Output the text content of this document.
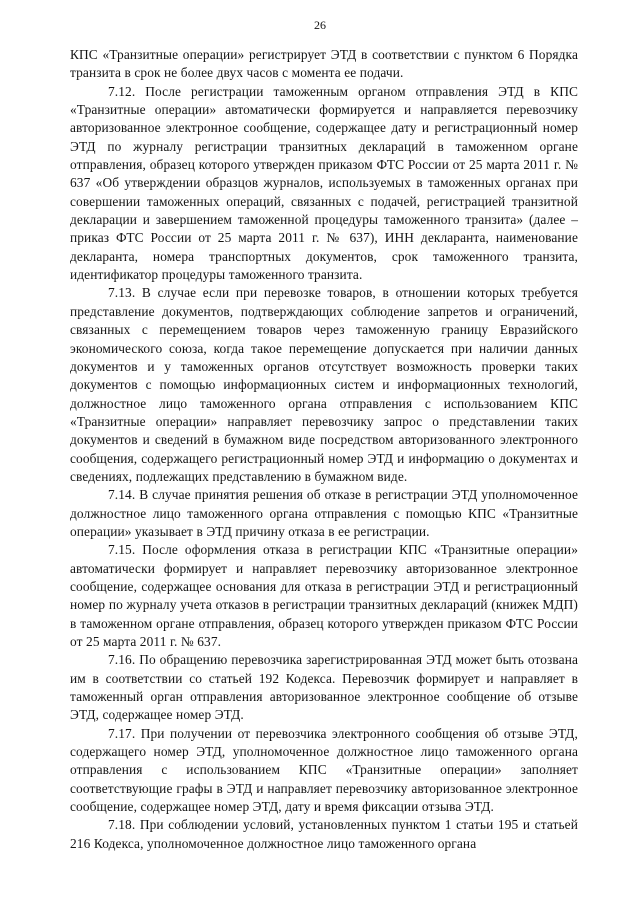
26

КПС «Транзитные операции» регистрирует ЭТД в соответствии с пунктом 6 Порядка транзита в срок не более двух часов с момента ее подачи.

7.12. После регистрации таможенным органом отправления ЭТД в КПС «Транзитные операции» автоматически формируется и направляется перевозчику авторизованное электронное сообщение, содержащее дату и регистрационный номер ЭТД по журналу регистрации транзитных деклараций в таможенном органе отправления, образец которого утвержден приказом ФТС России от 25 марта 2011 г. № 637 «Об утверждении образцов журналов, используемых в таможенных органах при совершении таможенных операций, связанных с подачей, регистрацией транзитной декларации и завершением таможенной процедуры таможенного транзита» (далее – приказ ФТС России от 25 марта 2011 г. № 637), ИНН декларанта, наименование декларанта, номера транспортных документов, срок таможенного транзита, идентификатор процедуры таможенного транзита.

7.13. В случае если при перевозке товаров, в отношении которых требуется представление документов, подтверждающих соблюдение запретов и ограничений, связанных с перемещением товаров через таможенную границу Евразийского экономического союза, когда такое перемещение допускается при наличии данных документов и у таможенных органов отсутствует возможность проверки таких документов с помощью информационных систем и информационных технологий, должностное лицо таможенного органа отправления с использованием КПС «Транзитные операции» направляет перевозчику запрос о представлении таких документов и сведений в бумажном виде посредством авторизованного электронного сообщения, содержащего регистрационный номер ЭТД и информацию о документах и сведениях, подлежащих представлению в бумажном виде.

7.14. В случае принятия решения об отказе в регистрации ЭТД уполномоченное должностное лицо таможенного органа отправления с помощью КПС «Транзитные операции» указывает в ЭТД причину отказа в ее регистрации.

7.15. После оформления отказа в регистрации КПС «Транзитные операции» автоматически формирует и направляет перевозчику авторизованное электронное сообщение, содержащее основания для отказа в регистрации ЭТД и регистрационный номер по журналу учета отказов в регистрации транзитных деклараций (книжек МДП) в таможенном органе отправления, образец которого утвержден приказом ФТС России от 25 марта 2011 г. № 637.

7.16. По обращению перевозчика зарегистрированная ЭТД может быть отозвана им в соответствии со статьей 192 Кодекса. Перевозчик формирует и направляет в таможенный орган отправления авторизованное электронное сообщение об отзыве ЭТД, содержащее номер ЭТД.

7.17. При получении от перевозчика электронного сообщения об отзыве ЭТД, содержащего номер ЭТД, уполномоченное должностное лицо таможенного органа отправления с использованием КПС «Транзитные операции» заполняет соответствующие графы в ЭТД и направляет перевозчику авторизованное электронное сообщение, содержащее номер ЭТД, дату и время фиксации отзыва ЭТД.

7.18. При соблюдении условий, установленных пунктом 1 статьи 195 и статьей 216 Кодекса, уполномоченное должностное лицо таможенного органа
